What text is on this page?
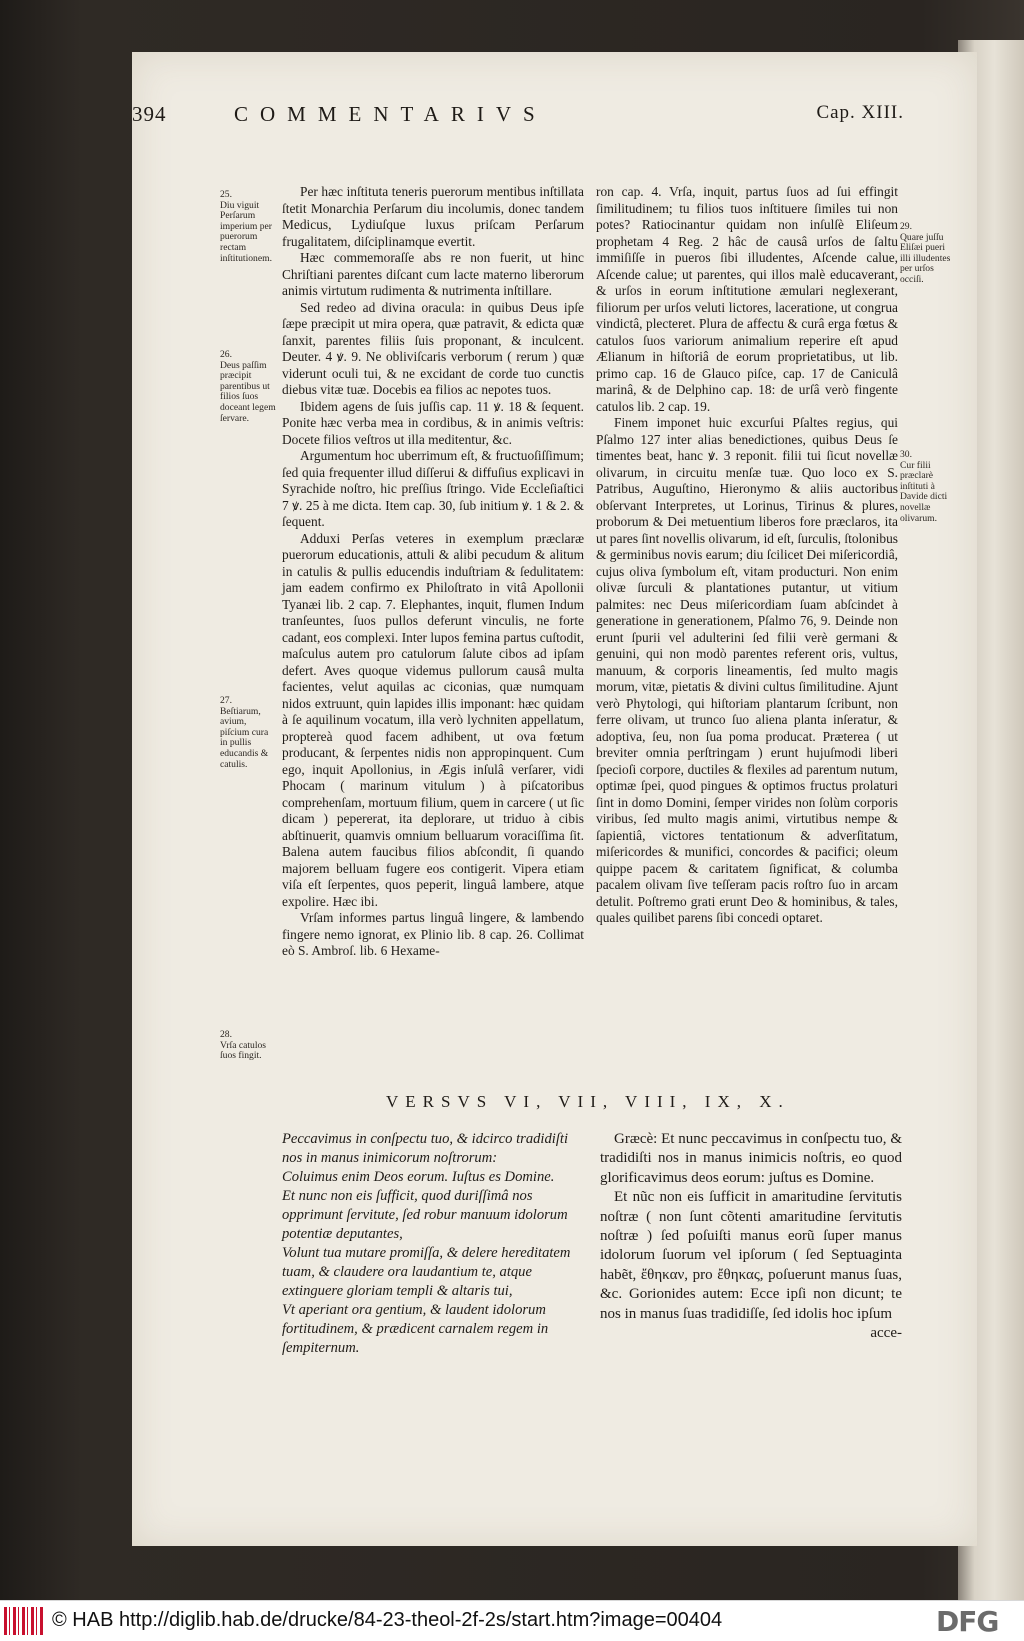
394	COMMENTARIVS	Cap. XIII.
25.
Diu viguit Perſarum imperium per puerorum rectam inſtitutionem.
26.
Deus paſſim præcipit parentibus ut filios ſuos doceant legem ſervare.
27.
Beſtiarum, avium, piſcium cura in pullis educandis & catulis.
28.
Vrſa catulos ſuos fingit.
29.
Quare juſſu Eliſæi pueri illi illudentes per urſos occiſi.
30.
Cur filii præclarè inſtituti à Davide dicti novellæ olivarum.

Per hæc inſtituta teneris puerorum mentibus inſtillata ſtetit Monarchia Perſarum diu incolumis, donec tandem Medicus, Lydiuſque luxus priſcam Perſarum frugalitatem, diſciplinamque evertit.

Hæc commemoraſſe abs re non fuerit, ut hinc Chriſtiani parentes diſcant cum lacte materno liberorum animis virtutum rudimenta & nutrimenta inſtillare.

Sed redeo ad divina oracula: in quibus Deus ipſe ſæpe præcipit ut mira opera, quæ patravit, & edicta quæ ſanxit, parentes filiis ſuis proponant, & inculcent. Deuter. 4 ꝟ. 9. Ne obliviſcaris verborum ( rerum ) quæ viderunt oculi tui, & ne excidant de corde tuo cunctis diebus vitæ tuæ. Docebis ea filios ac nepotes tuos.

Ibidem agens de ſuis juſſis cap. 11 ꝟ. 18 & ſequent. Ponite hæc verba mea in cordibus, & in animis veſtris: Docete filios veſtros ut illa meditentur, &c.

Argumentum hoc uberrimum eſt, & fructuoſiſſimum; ſed quia frequenter illud diſſerui & diffuſius explicavi in Syrachide noſtro, hic preſſius ſtringo. Vide Eccleſiaſtici 7 ꝟ. 25 à me dicta. Item cap. 30, ſub initium ꝟ. 1 & 2. & ſequent.

Adduxi Perſas veteres in exemplum præclaræ puerorum educationis, attuli & alibi pecudum & alitum in catulis & pullis educendis induſtriam & ſedulitatem: jam eadem confirmo ex Philoſtrato in vitâ Apollonii Tyanæi lib. 2 cap. 7. Elephantes, inquit, flumen Indum tranſeuntes, ſuos pullos deferunt vinculis, ne forte cadant, eos complexi. Inter lupos femina partus cuſtodit, maſculus autem pro catulorum ſalute cibos ad ipſam defert. Aves quoque videmus pullorum causâ multa facientes, velut aquilas ac ciconias, quæ numquam nidos extruunt, quin lapides illis imponant: hæc quidam à ſe aquilinum vocatum, illa verò lychniten appellatum, proptereà quod facem adhibent, ut ova fœtum producant, & ſerpentes nidis non appropinquent. Cum ego, inquit Apollonius, in Ægis inſulâ verſarer, vidi Phocam ( marinum vitulum ) à piſcatoribus comprehenſam, mortuum filium, quem in carcere ( ut ſic dicam ) pepererat, ita deplorare, ut triduo à cibis abſtinuerit, quamvis omnium belluarum voraciſſima ſit. Balena autem faucibus filios abſcondit, ſi quando majorem belluam fugere eos contigerit. Vipera etiam viſa eſt ſerpentes, quos peperit, linguâ lambere, atque expolire. Hæc ibi.

Vrſam informes partus linguâ lingere, & lambendo fingere nemo ignorat, ex Plinio lib. 8 cap. 26. Collimat eò S. Ambroſ. lib. 6 Hexame-

ron cap. 4. Vrſa, inquit, partus ſuos ad ſui effingit ſimilitudinem; tu filios tuos inſtituere ſimiles tui non potes? Ratiocinantur quidam non inſulſè Eliſeum prophetam 4 Reg. 2 hâc de causâ urſos de ſaltu immiſiſſe in pueros ſibi illudentes, Aſcende calue, Aſcende calue; ut parentes, qui illos malè educaverant, & urſos in eorum inſtitutione æmulari neglexerant, filiorum per urſos veluti lictores, laceratione, ut congrua vindictâ, plecteret. Plura de affectu & curâ erga fœtus & catulos ſuos variorum animalium reperire eſt apud Ælianum in hiſtoriâ de eorum proprietatibus, ut lib. primo cap. 16 de Glauco piſce, cap. 17 de Caniculâ marinâ, & de Delphino cap. 18: de urſâ verò fingente catulos lib. 2 cap. 19.

Finem imponet huic excurſui Pſaltes regius, qui Pſalmo 127 inter alias benedictiones, quibus Deus ſe timentes beat, hanc ꝟ. 3 reponit. filii tui ſicut novellæ olivarum, in circuitu menſæ tuæ. Quo loco ex S. Patribus, Auguſtino, Hieronymo & aliis auctoribus obſervant Interpretes, ut Lorinus, Tirinus & plures, proborum & Dei metuentium liberos fore præclaros, ita ut pares ſint novellis olivarum, id eſt, ſurculis, ſtolonibus & germinibus novis earum; diu ſcilicet Dei miſericordiâ, cujus oliva ſymbolum eſt, vitam producturi. Non enim olivæ ſurculi & plantationes putantur, ut vitium palmites: nec Deus miſericordiam ſuam abſcindet à generatione in generationem, Pſalmo 76, 9. Deinde non erunt ſpurii vel adulterini ſed filii verè germani & genuini, qui non modò parentes referent oris, vultus, manuum, & corporis lineamentis, ſed multo magis morum, vitæ, pietatis & divini cultus ſimilitudine. Ajunt verò Phytologi, qui hiſtoriam plantarum ſcribunt, non ferre olivam, ut trunco ſuo aliena planta inſeratur, & adoptiva, ſeu, non ſua poma producat. Præterea ( ut breviter omnia perſtringam ) erunt hujuſmodi liberi ſpecioſi corpore, ductiles & flexiles ad parentum nutum, optimæ ſpei, quod pingues & optimos fructus prolaturi ſint in domo Domini, ſemper virides non ſolùm corporis viribus, ſed multo magis animi, virtutibus nempe & ſapientiâ, victores tentationum & adverſitatum, miſericordes & munifici, concordes & pacifici; oleum quippe pacem & caritatem ſignificat, & columba pacalem olivam ſive teſſeram pacis roſtro ſuo in arcam detulit. Poſtremo grati erunt Deo & hominibus, & tales, quales quilibet parens ſibi concedi optaret.

VERSVS VI, VII, VIII, IX, X.

Peccavimus in conſpectu tuo, & idcirco tradidiſti nos in manus inimicorum noſtrorum:

Coluimus enim Deos eorum. Iuſtus es Domine.

Et nunc non eis ſufficit, quod duriſſimâ nos opprimunt ſervitute, ſed robur manuum idolorum potentiæ deputantes,

Volunt tua mutare promiſſa, & delere hereditatem tuam, & claudere ora laudantium te, atque extinguere gloriam templi & altaris tui,

Vt aperiant ora gentium, & laudent idolorum fortitudinem, & prædicent carnalem regem in ſempiternum.

Græcè: Et nunc peccavimus in conſpectu tuo, & tradidiſti nos in manus inimicis noſtris, eo quod glorificavimus deos eorum: juſtus es Domine.

Et nũc non eis ſufficit in amaritudine ſervitutis noſtræ ( non ſunt cõtenti amaritudine ſervitutis noſtræ ) ſed poſuiſti manus eorũ ſuper manus idolorum ſuorum vel ipſorum ( ſed Septuaginta habẽt, ἔθηκαν, pro ἔθηκας, poſuerunt manus ſuas, &c. Gorionides autem: Ecce ipſi non dicunt; te nos in manus ſuas tradidiſſe, ſed idolis hoc ipſum

acce-
© HAB http://diglib.hab.de/drucke/84-23-theol-2f-2s/start.htm?image=00404	DFG
